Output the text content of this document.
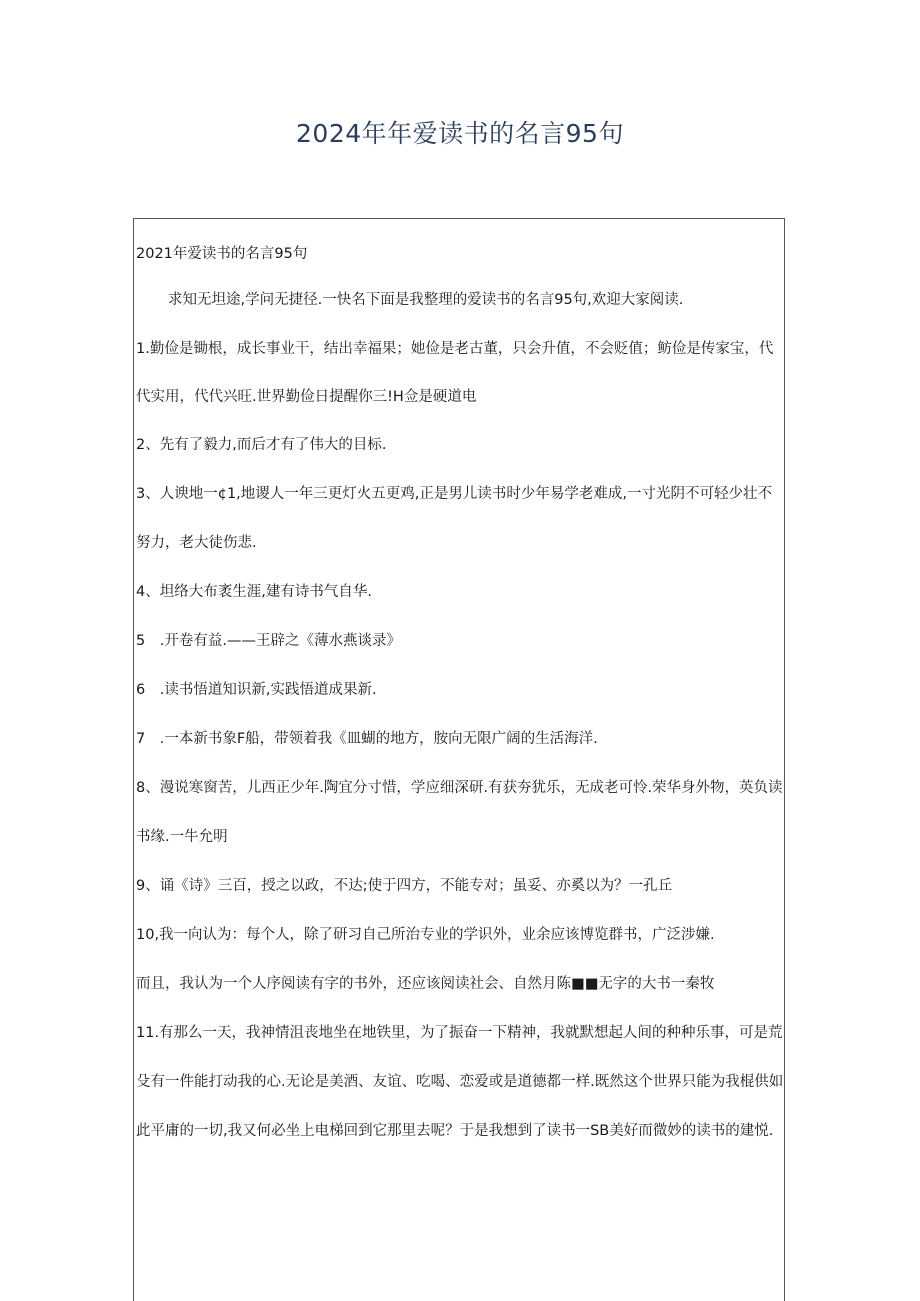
2024年年爱读书的名言95句
2021年爱读书的名言95句
求知无坦途,学问无捷径.一快名下面是我整理的爱读书的名言95句,欢迎大家阅读.
1.勤俭是锄根，成长事业干，结出幸福果；她俭是老古董，只会升值，不会贬值；鲂俭是传家宝，代
代实用，代代兴旺.世界勤俭日提醒你三!H佥是硬道电
2、先有了毅力,而后才有了伟大的目标.
3、人谀地一¢1,地谡人一年三更灯火五更鸡,正是男儿读书时少年易学老难成,一寸光阴不可轻少壮不
努力，老大徒伤悲.
4、坦络大布袤生涯,建有诗书气自华.
5　.开卷有益.——王辟之《薄水燕谈录》
6　.读书悟道知识新,实践悟道成果新.
7　.一本新书象F船，带领着我《皿蝴的地方，胺向无限广阔的生活海洋.
8、漫说寒窗苦，儿西正少年.陶宜分寸惜，学应细深研.有获夯犹乐，无成老可怜.荣华身外物，英负读
书缘.一牛允明
9、诵《诗》三百，授之以政，不达;使于四方，不能专对；虽妥、亦奚以为？一孔丘
10,我一向认为：每个人，除了研习自己所治专业的学识外，业余应该博览群书，广泛涉嫌.
而且，我认为一个人序阅读有字的书外，还应该阅读社会、自然月陈■■无字的大书一秦牧
11.有那么一天，我神情沮丧地坐在地铁里，为了振奋一下精神，我就默想起人间的种种乐事，可是荒
殳有一件能打动我的心.无论是美酒、友谊、吃喝、恋爱或是道德都一样.既然这个世界只能为我棍供如
此平庸的一切,我又何必坐上电梯回到它那里去呢？于是我想到了读书一SB美好而微妙的读书的建悦.
